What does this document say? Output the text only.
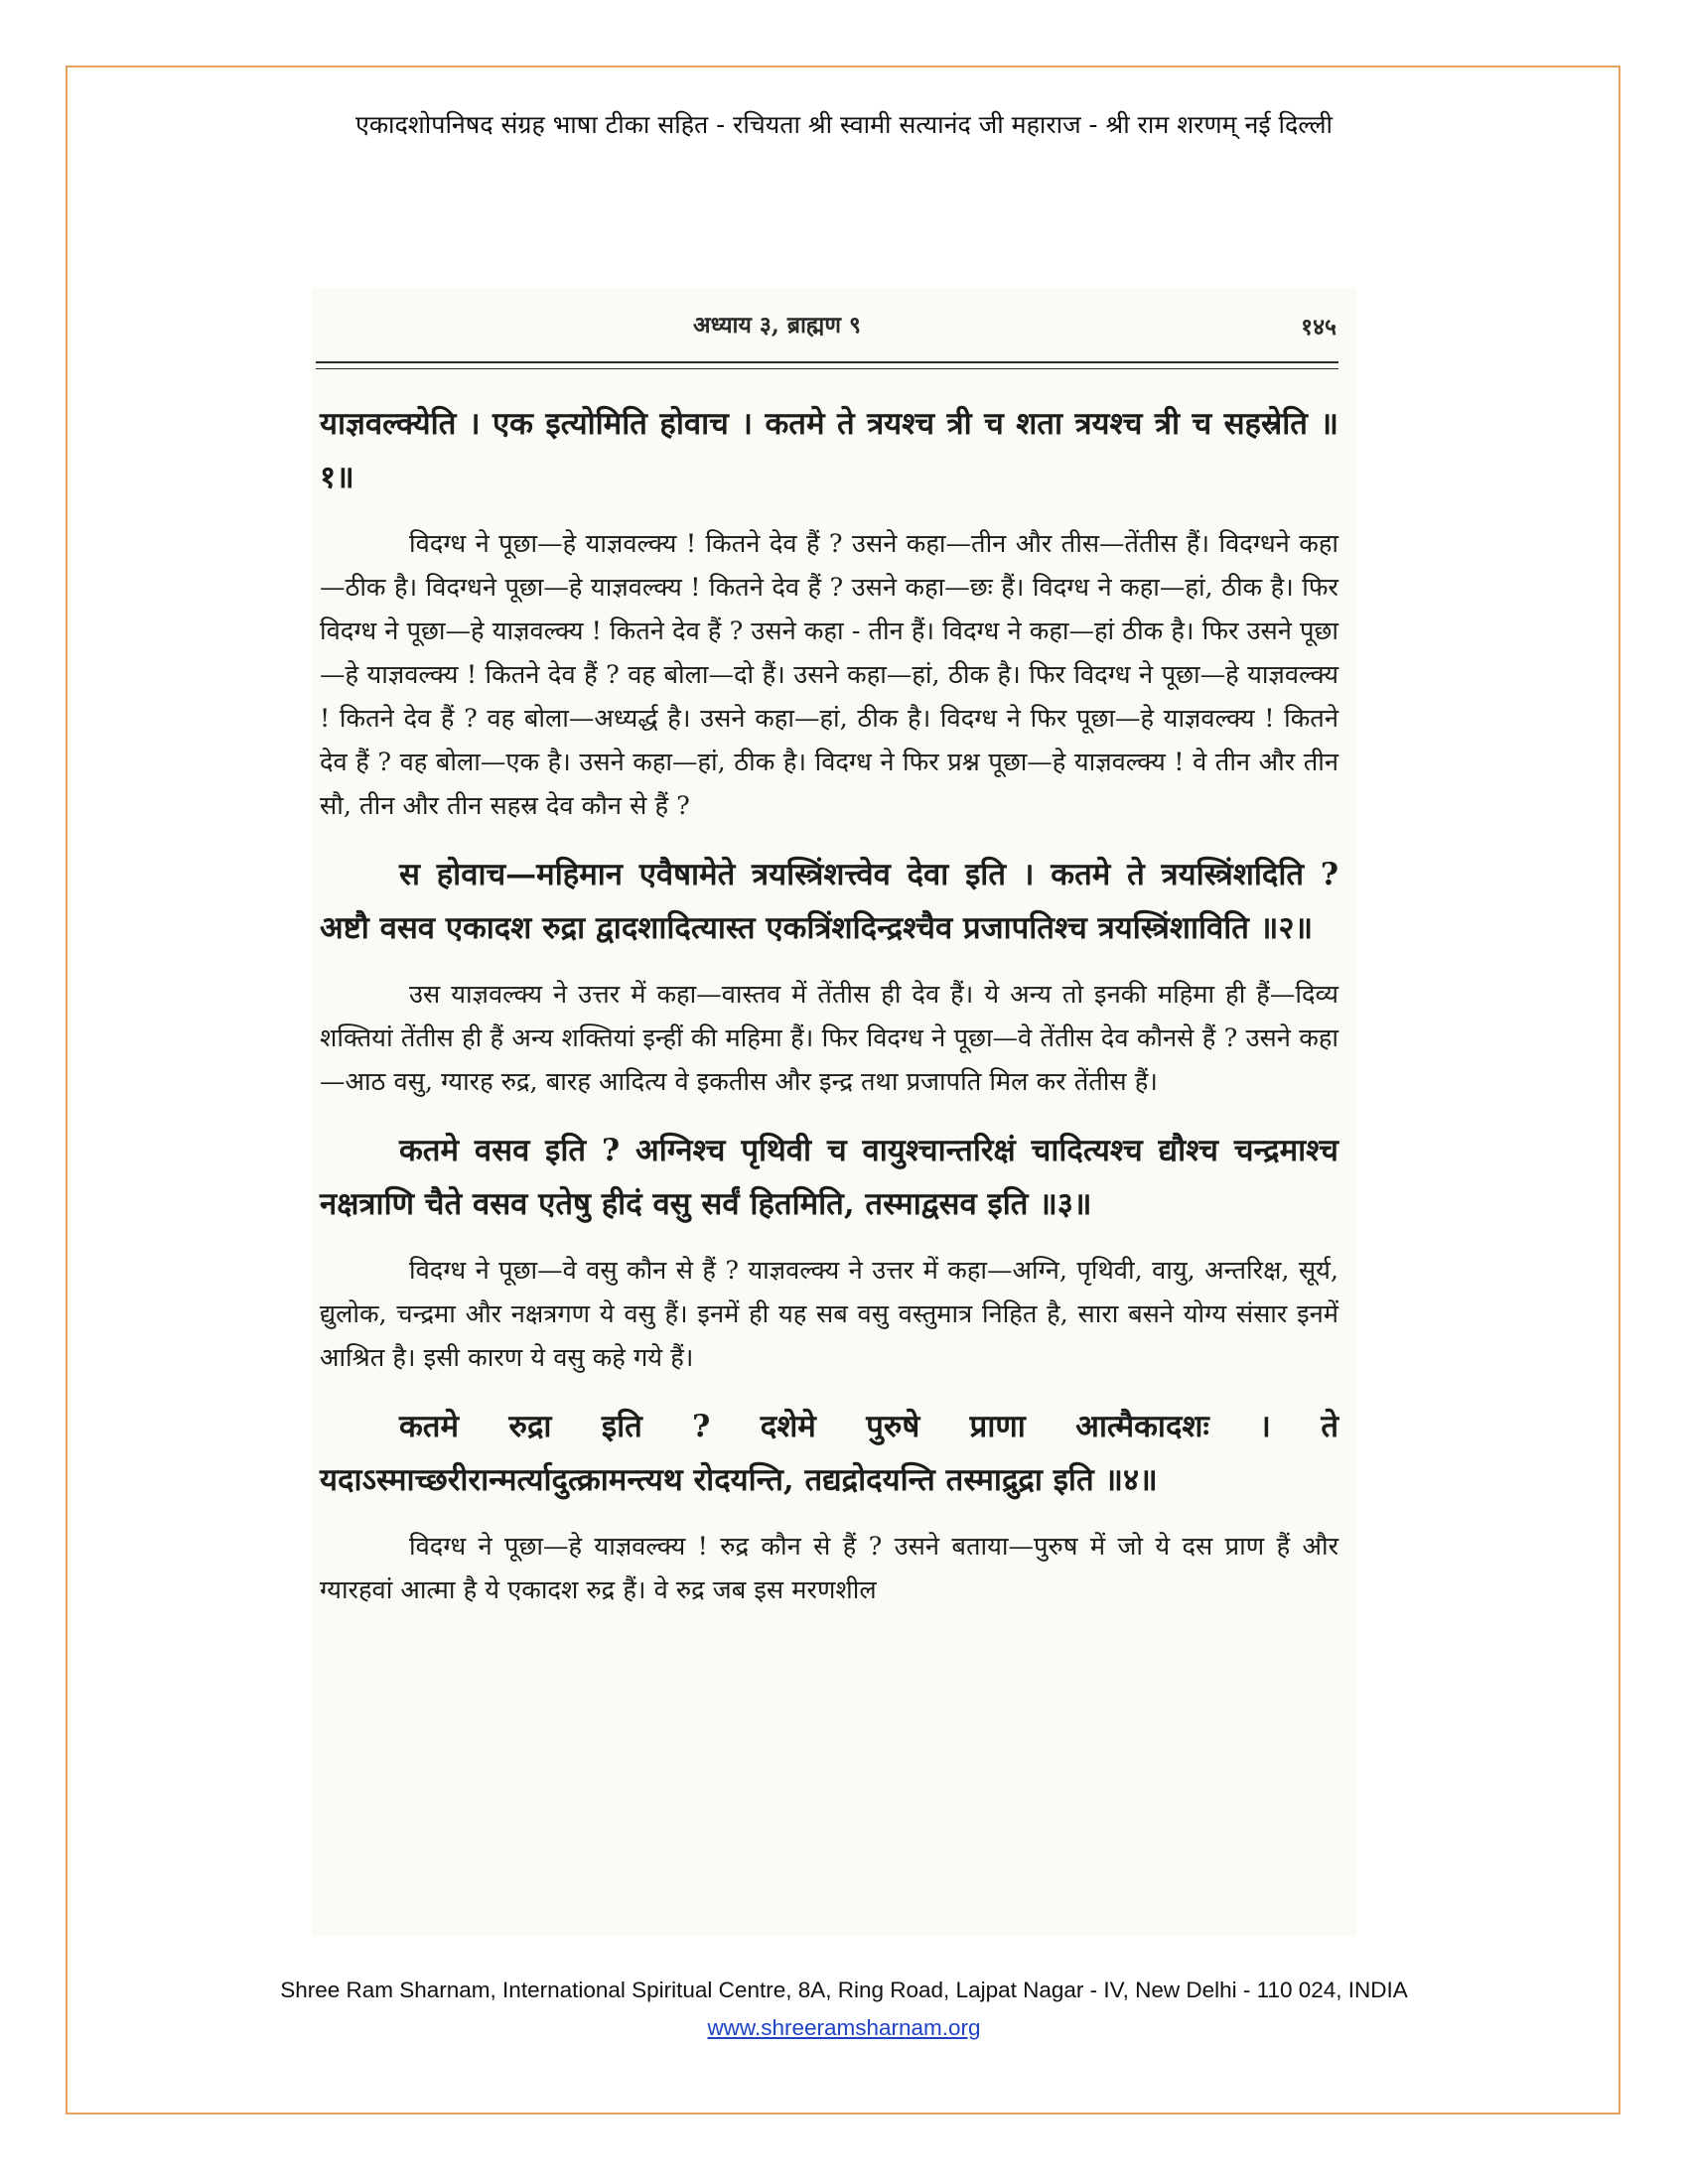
एकादशोपनिषद संग्रह भाषा टीका सहित - रचियता श्री स्वामी सत्यानंद जी महाराज - श्री राम शरणम् नई दिल्ली
अध्याय ३, ब्राह्मण ९	१४५

याज्ञवल्क्येति । एक इत्योमिति होवाच । कतमे ते त्रयश्च त्री च शता त्रयश्च त्री च सहस्रेति ॥१॥

विदग्ध ने पूछा—हे याज्ञवल्क्य ! कितने देव हैं ? उसने कहा—तीन और तीस—तेंतीस हैं। विदग्धने कहा—ठीक है। विदग्धने पूछा—हे याज्ञवल्क्य ! कितने देव हैं ? उसने कहा—छः हैं। विदग्ध ने कहा—हां, ठीक है। फिर विदग्ध ने पूछा—हे याज्ञवल्क्य ! कितने देव हैं ? उसने कहा - तीन हैं। विदग्ध ने कहा—हां ठीक है। फिर उसने पूछा—हे याज्ञवल्क्य ! कितने देव हैं ? वह बोला—दो हैं। उसने कहा—हां, ठीक है। फिर विदग्ध ने पूछा—हे याज्ञवल्क्य ! कितने देव हैं ? वह बोला—अध्यर्द्ध है। उसने कहा—हां, ठीक है। विदग्ध ने फिर पूछा—हे याज्ञवल्क्य ! कितने देव हैं ? वह बोला—एक है। उसने कहा—हां, ठीक है। विदग्ध ने फिर प्रश्न पूछा—हे याज्ञवल्क्य ! वे तीन और तीन सौ, तीन और तीन सहस्र देव कौन से हैं ?

स होवाच—महिमान एवैषामेते त्रयस्त्रिंशत्त्वेव देवा इति । कतमे ते त्रयस्त्रिंशदिति ? अष्टौ वसव एकादश रुद्रा द्वादशादित्यास्त एकत्रिंशदिन्द्रश्चैव प्रजापतिश्च त्रयस्त्रिंशाविति ॥२॥

उस याज्ञवल्क्य ने उत्तर में कहा—वास्तव में तेंतीस ही देव हैं। ये अन्य तो इनकी महिमा ही हैं—दिव्य शक्तियां तेंतीस ही हैं अन्य शक्तियां इन्हीं की महिमा हैं। फिर विदग्ध ने पूछा—वे तेंतीस देव कौनसे हैं ? उसने कहा—आठ वसु, ग्यारह रुद्र, बारह आदित्य वे इकतीस और इन्द्र तथा प्रजापति मिल कर तेंतीस हैं।

कतमे वसव इति ? अग्निश्च पृथिवी च वायुश्चान्तरिक्षं चादित्यश्च द्यौश्च चन्द्रमाश्च नक्षत्राणि चैते वसव एतेषु हीदं वसु सर्वं हितमिति, तस्माद्वसव इति ॥३॥

विदग्ध ने पूछा—वे वसु कौन से हैं ? याज्ञवल्क्य ने उत्तर में कहा—अग्नि, पृथिवी, वायु, अन्तरिक्ष, सूर्य, द्युलोक, चन्द्रमा और नक्षत्रगण ये वसु हैं। इनमें ही यह सब वसु वस्तुमात्र निहित है, सारा बसने योग्य संसार इनमें आश्रित है। इसी कारण ये वसु कहे गये हैं।

कतमे रुद्रा इति ? दशेमे पुरुषे प्राणा आत्मैकादशः । ते यदाऽस्माच्छरीरान्मर्त्यादुत्क्रामन्त्यथ रोदयन्ति, तद्यद्रोदयन्ति तस्माद्रुद्रा इति ॥४॥

विदग्ध ने पूछा—हे याज्ञवल्क्य ! रुद्र कौन से हैं ? उसने बताया—पुरुष में जो ये दस प्राण हैं और ग्यारहवां आत्मा है ये एकादश रुद्र हैं। वे रुद्र जब इस मरणशील

Shree Ram Sharnam, International Spiritual Centre, 8A, Ring Road, Lajpat Nagar - IV, New Delhi - 110 024, INDIA
www.shreeramsharnam.org
